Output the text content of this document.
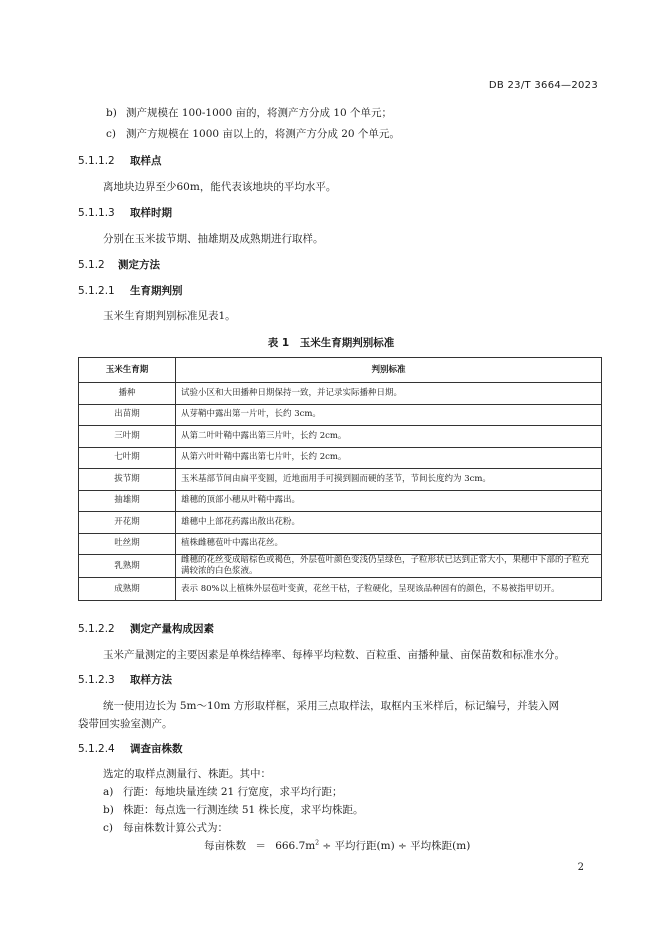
DB 23/T 3664—2023
b) 测产规模在 100-1000 亩的，将测产方分成 10 个单元；
c) 测产方规模在 1000 亩以上的，将测产方分成 20 个单元。
5.1.1.2 取样点
离地块边界至少60m，能代表该地块的平均水平。
5.1.1.3 取样时期
分别在玉米拔节期、抽雄期及成熟期进行取样。
5.1.2 测定方法
5.1.2.1 生育期判别
玉米生育期判别标准见表1。
表 1　玉米生育期判别标准
玉米生育期	判别标准
播种	试验小区和大田播种日期保持一致，并记录实际播种日期。
出苗期	从芽鞘中露出第一片叶，长约 3cm。
三叶期	从第二叶叶鞘中露出第三片叶，长约 2cm。
七叶期	从第六叶叶鞘中露出第七片叶，长约 2cm。
拔节期	玉米基部节间由扁平变圆，近地面用手可摸到圆而硬的茎节，节间长度约为 3cm。
抽雄期	雄穗的顶部小穗从叶鞘中露出。
开花期	雄穗中上部花药露出散出花粉。
吐丝期	植株雌穗苞叶中露出花丝。
乳熟期	雌穗的花丝变成暗棕色或褐色，外层苞叶颜色变浅仍呈绿色，子粒形状已达到正常大小，果穗中下部的子粒充满较浓的白色浆液。
成熟期	表示 80%以上植株外层苞叶变黄，花丝干枯，子粒硬化，呈现该品种固有的颜色，不易被指甲切开。
5.1.2.2 测定产量构成因素
玉米产量测定的主要因素是单株结棒率、每棒平均粒数、百粒重、亩播种量、亩保苗数和标准水分。
5.1.2.3 取样方法
统一使用边长为 5m～10m 方形取样框，采用三点取样法，取框内玉米样后，标记编号，并装入网
袋带回实验室测产。
5.1.2.4 调查亩株数
选定的取样点测量行、株距。其中：
a) 行距：每地块量连续 21 行宽度，求平均行距；
b) 株距：每点选一行测连续 51 株长度，求平均株距。
c) 每亩株数计算公式为：
每亩株数 ＝ $666.7m^2$ ÷ 平均行距(m) ÷ 平均株距(m)
2
